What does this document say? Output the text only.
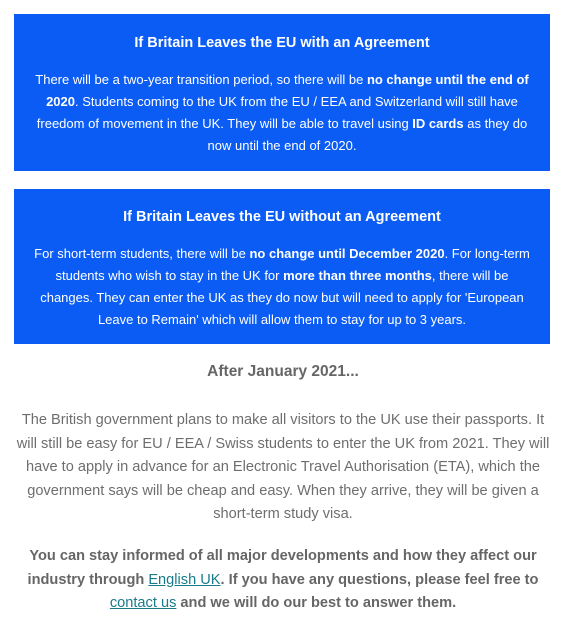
If Britain Leaves the EU with an Agreement

There will be a two-year transition period, so there will be no change until the end of 2020. Students coming to the UK from the EU / EEA and Switzerland will still have freedom of movement in the UK. They will be able to travel using ID cards as they do now until the end of 2020.

If Britain Leaves the EU without an Agreement

For short-term students, there will be no change until December 2020. For long-term students who wish to stay in the UK for more than three months, there will be changes. They can enter the UK as they do now but will need to apply for 'European Leave to Remain' which will allow them to stay for up to 3 years.

After January 2021...

The British government plans to make all visitors to the UK use their passports. It will still be easy for EU / EEA / Swiss students to enter the UK from 2021. They will have to apply in advance for an Electronic Travel Authorisation (ETA), which the government says will be cheap and easy. When they arrive, they will be given a short-term study visa.

You can stay informed of all major developments and how they affect our industry through English UK. If you have any questions, please feel free to contact us and we will do our best to answer them.
